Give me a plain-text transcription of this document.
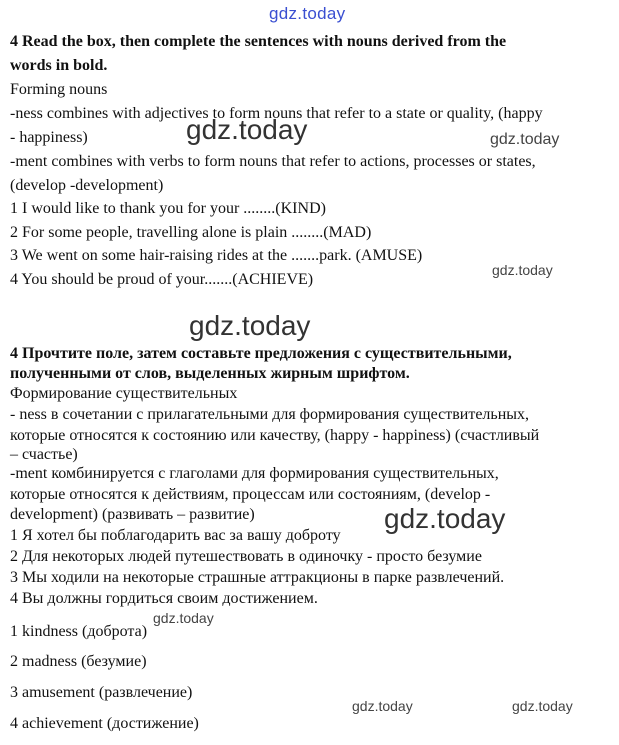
gdz.today
gdz.today	gdz.today
gdz.today
gdz.today
gdz.today
gdz.today
gdz.today	gdz.today
4 Read the box, then complete the sentences with nouns derived from the
words in bold.
Forming nouns
-ness combines with adjectives to form nouns that refer to a state or quality, (happy
- happiness)
-ment combines with verbs to form nouns that refer to actions, processes or states,
(develop -development)
1 I would like to thank you for your ........(KIND)
2 For some people, travelling alone is plain ........(MAD)
3 We went on some hair-raising rides at the .......park. (AMUSE)
4 You should be proud of your.......(ACHIEVE)
4 Прочтите поле, затем составьте предложения с существительными,
полученными от слов, выделенных жирным шрифтом.
Формирование существительных
- ness в сочетании с прилагательными для формирования существительных,
которые относятся к состоянию или качеству, (happy - happiness) (счастливый
– счастье)
-ment комбинируется с глаголами для формирования существительных,
которые относятся к действиям, процессам или состояниям, (develop -
development) (развивать – развитие)
1 Я хотел бы поблагодарить вас за вашу доброту
2 Для некоторых людей путешествовать в одиночку - просто безумие
3 Мы ходили на некоторые страшные аттракционы в парке развлечений.
4 Вы должны гордиться своим достижением.
1 kindness (доброта)
2 madness (безумие)
3 amusement (развлечение)
4 achievement (достижение)
